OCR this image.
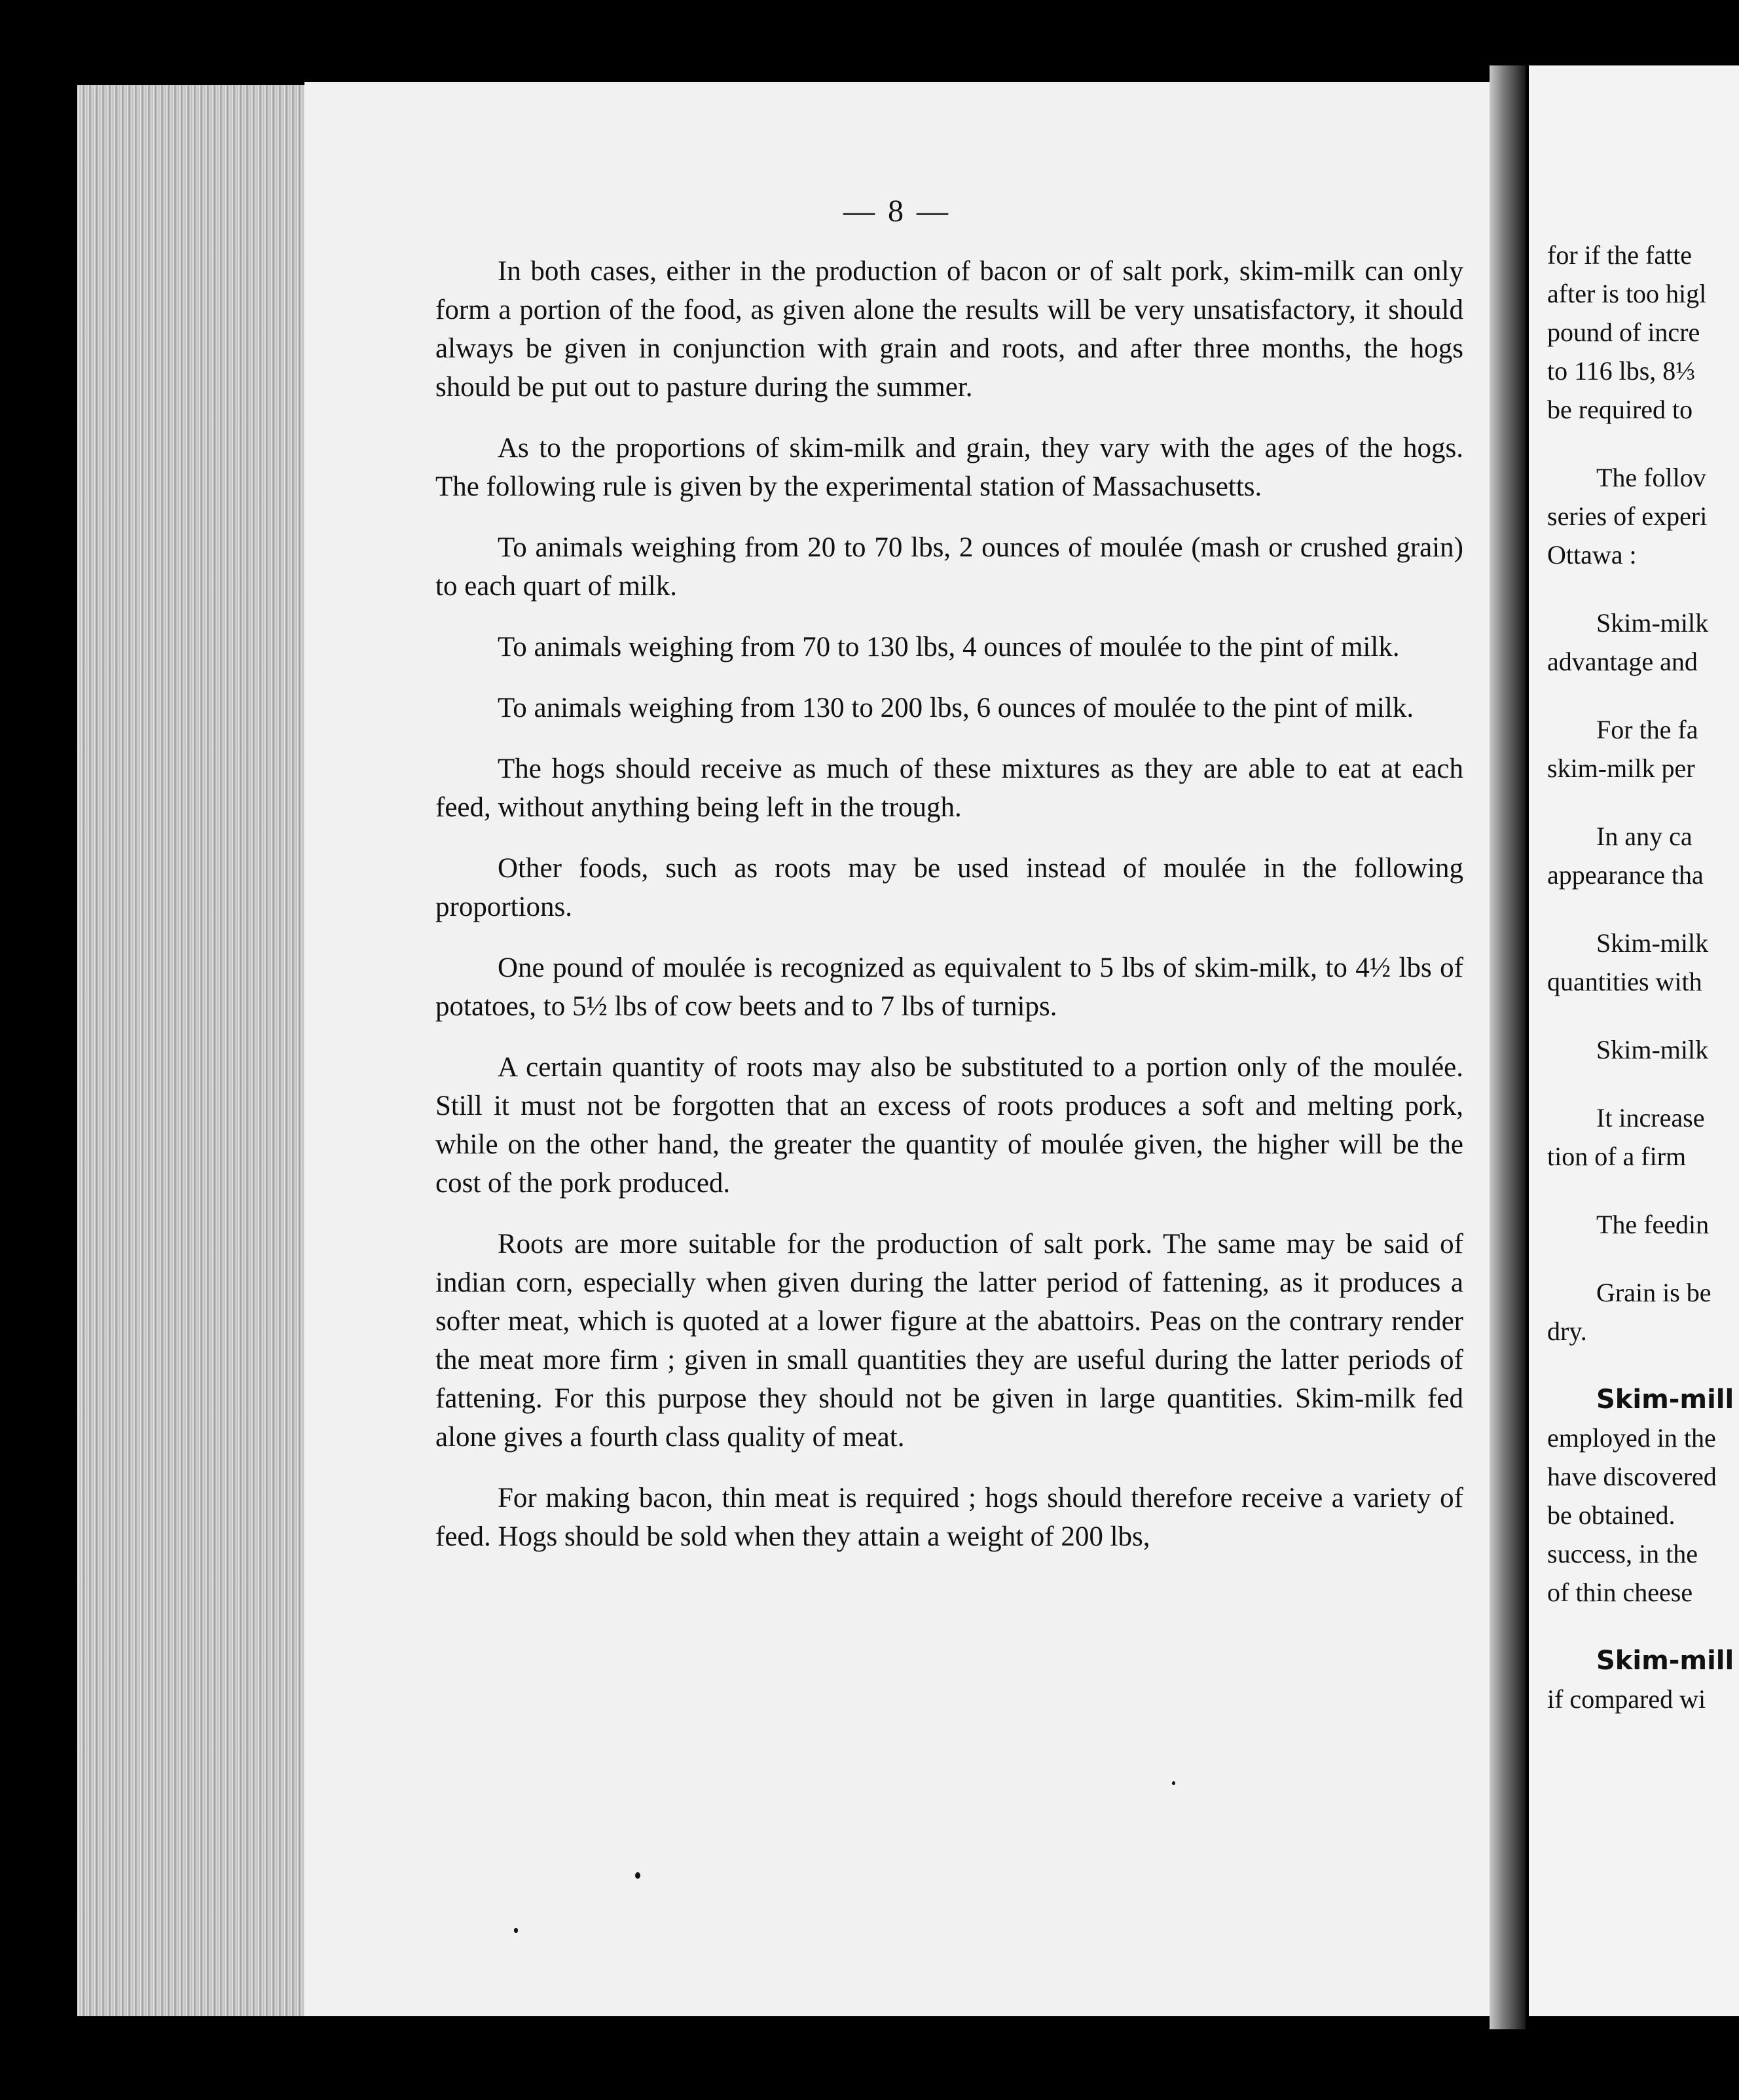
— 8 —

In both cases, either in the production of bacon or of salt pork, skim-milk can only form a portion of the food, as given alone the results will be very unsatisfactory, it should always be given in conjunction with grain and roots, and after three months, the hogs should be put out to pasture during the summer.

As to the proportions of skim-milk and grain, they vary with the ages of the hogs. The following rule is given by the experimental station of Massachusetts.

To animals weighing from 20 to 70 lbs, 2 ounces of moulée (mash or crushed grain) to each quart of milk.

To animals weighing from 70 to 130 lbs, 4 ounces of moulée to the pint of milk.

To animals weighing from 130 to 200 lbs, 6 ounces of moulée to the pint of milk.

The hogs should receive as much of these mixtures as they are able to eat at each feed, without anything being left in the trough.

Other foods, such as roots may be used instead of moulée in the following proportions.

One pound of moulée is recognized as equivalent to 5 lbs of skim-milk, to 4½ lbs of potatoes, to 5½ lbs of cow beets and to 7 lbs of turnips.

A certain quantity of roots may also be substituted to a portion only of the moulée. Still it must not be forgotten that an excess of roots produces a soft and melting pork, while on the other hand, the greater the quantity of moulée given, the higher will be the cost of the pork produced.

Roots are more suitable for the production of salt pork. The same may be said of indian corn, especially when given during the latter period of fattening, as it produces a softer meat, which is quoted at a lower figure at the abattoirs. Peas on the contrary render the meat more firm ; given in small quantities they are useful during the latter periods of fattening. For this purpose they should not be given in large quantities. Skim-milk fed alone gives a fourth class quality of meat.

For making bacon, thin meat is required ; hogs should therefore receive a variety of feed. Hogs should be sold when they attain a weight of 200 lbs,

for if the fatte
after is too higl
pound of incre
to 116 lbs, 8⅓
be required to
The follov
series of experi
Ottawa :
Skim-milk
advantage and
For the fa
skim-milk per
In any ca
appearance tha
Skim-milk
quantities with
Skim-milk
It increase
tion of a firm
The feedin
Grain is be
dry.
Skim-mill
employed in the
have discovered
be obtained.
success, in the
of thin cheese
Skim-mill
if compared wi
